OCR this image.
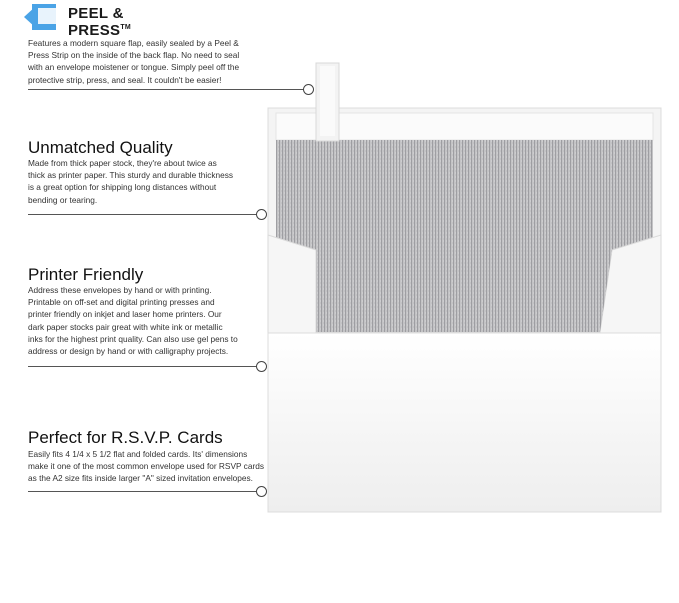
PEEL & PRESS™
Features a modern square flap, easily sealed by a Peel &
Press Strip on the inside of the back flap. No need to seal
with an envelope moistener or tongue. Simply peel off the
protective strip, press, and seal. It couldn't be easier!
Unmatched Quality
Made from thick paper stock, they're about twice as
thick as printer paper. This sturdy and durable thickness
is a great option for shipping long distances without
bending or tearing.
Printer Friendly
Address these envelopes by hand or with printing.
Printable on off-set and digital printing presses and
printer friendly on inkjet and laser home printers. Our
dark paper stocks pair great with white ink or metallic
inks for the highest print quality. Can also use gel pens to
address or design by hand or with calligraphy projects.
Perfect for R.S.V.P. Cards
Easily fits 4 1/4 x 5 1/2 flat and folded cards. Its' dimensions
make it one of the most common envelope used for RSVP cards
as the A2 size fits inside larger "A" sized invitation envelopes.
